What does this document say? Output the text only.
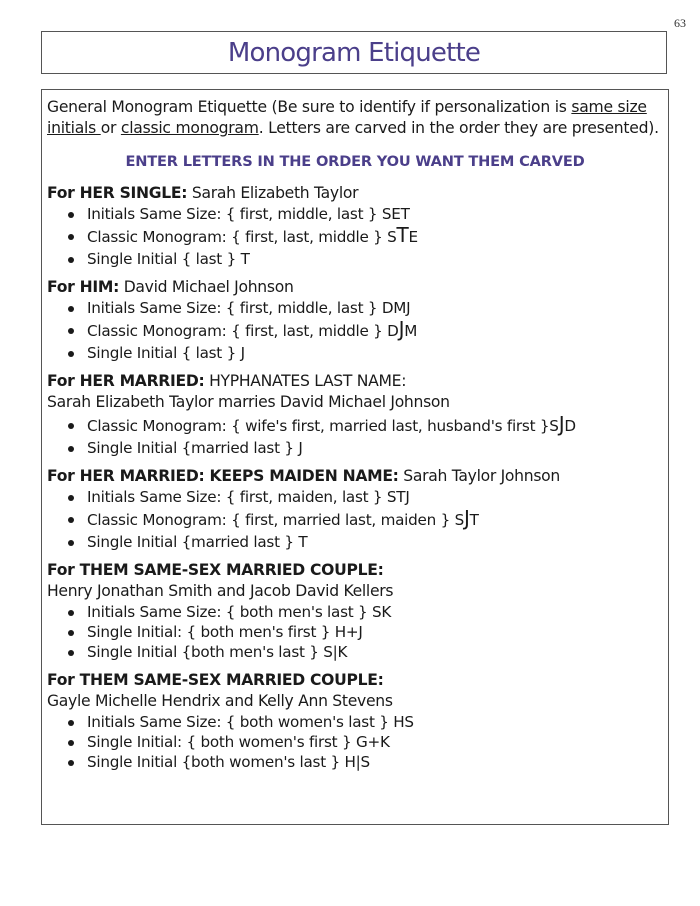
63
Monogram Etiquette
General Monogram Etiquette (Be sure to identify if personalization is same size initials or classic monogram. Letters are carved in the order they are presented).
ENTER LETTERS IN THE ORDER YOU WANT THEM CARVED
For HER SINGLE: Sarah Elizabeth Taylor
Initials Same Size: { first, middle, last } SET
Classic Monogram: { first, last, middle } STE
Single Initial { last } T
For HIM: David Michael Johnson
Initials Same Size: { first, middle, last } DMJ
Classic Monogram: { first, last, middle } DJM
Single Initial { last } J
For HER MARRIED: HYPHANATES LAST NAME:
Sarah Elizabeth Taylor marries David Michael Johnson
Classic Monogram: { wife's first, married last, husband's first }SJD
Single Initial {married last } J
For HER MARRIED: KEEPS MAIDEN NAME: Sarah Taylor Johnson
Initials Same Size: { first, maiden, last } STJ
Classic Monogram: { first, married last, maiden } SJT
Single Initial {married last } T
For THEM SAME-SEX MARRIED COUPLE:
Henry Jonathan Smith and Jacob David Kellers
Initials Same Size: { both men's last } SK
Single Initial: { both men's first } H+J
Single Initial {both men's last } S|K
For THEM SAME-SEX MARRIED COUPLE:
Gayle Michelle Hendrix and Kelly Ann Stevens
Initials Same Size: { both women's last } HS
Single Initial: { both women's first } G+K
Single Initial {both women's last } H|S
